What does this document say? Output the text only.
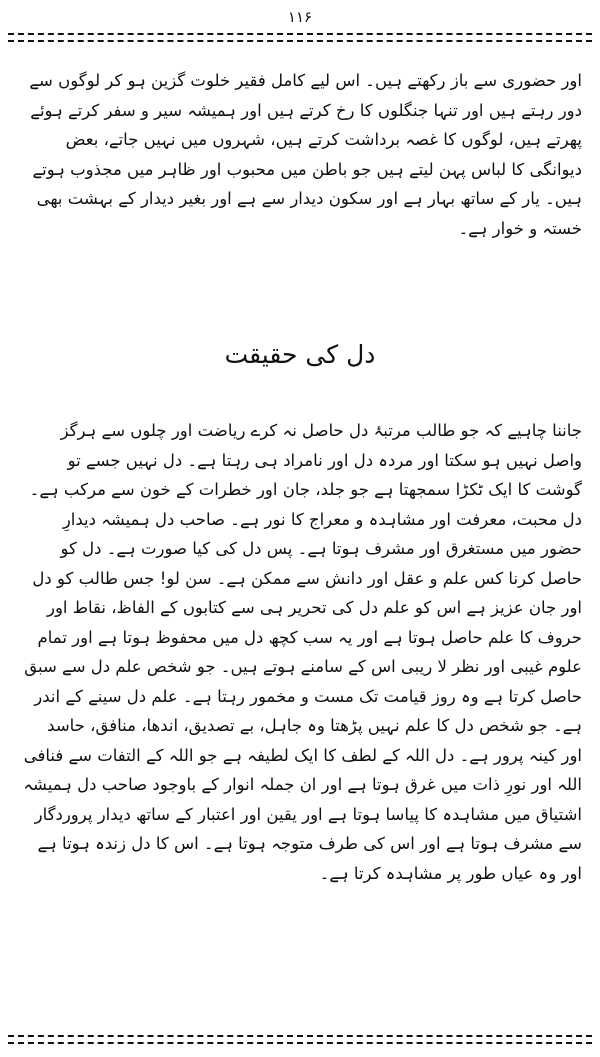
۱۱۶

اور حضوری سے باز رکھتے ہیں۔ اس لیے کامل فقیر خلوت گزین ہو کر لوگوں سے دور رہتے ہیں اور تنہا جنگلوں کا رخ کرتے ہیں اور ہمیشہ سیر و سفر کرتے ہوئے پھرتے ہیں، لوگوں کا غصہ برداشت کرتے ہیں، شہروں میں نہیں جاتے، بعض دیوانگی کا لباس پہن لیتے ہیں جو باطن میں محبوب اور ظاہر میں مجذوب ہوتے ہیں۔ یار کے ساتھ بہار ہے اور سکون دیدار سے ہے اور بغیر دیدار کے بہشت بھی خستہ و خوار ہے۔

دل کی حقیقت

جاننا چاہیے کہ جو طالب مرتبۂ دل حاصل نہ کرے ریاضت اور چلوں سے ہرگز واصل نہیں ہو سکتا اور مردہ دل اور نامراد ہی رہتا ہے۔ دل نہیں جسے تو گوشت کا ایک ٹکڑا سمجھتا ہے جو جلد، جان اور خطرات کے خون سے مرکب ہے۔ دل محبت، معرفت اور مشاہدہ و معراج کا نور ہے۔ صاحب دل ہمیشہ دیدارِ حضور میں مستغرق اور مشرف ہوتا ہے۔ پس دل کی کیا صورت ہے۔ دل کو حاصل کرنا کس علم و عقل اور دانش سے ممکن ہے۔ سن لو! جس طالب کو دل اور جان عزیز ہے اس کو علم دل کی تحریر ہی سے کتابوں کے الفاظ، نقاط اور حروف کا علم حاصل ہوتا ہے اور یہ سب کچھ دل میں محفوظ ہوتا ہے اور تمام علوم غیبی اور نظر لا ریبی اس کے سامنے ہوتے ہیں۔ جو شخص علم دل سے سبق حاصل کرتا ہے وہ روز قیامت تک مست و مخمور رہتا ہے۔ علم دل سینے کے اندر ہے۔ جو شخص دل کا علم نہیں پڑھتا وہ جاہل، بے تصدیق، اندھا، منافق، حاسد اور کینہ پرور ہے۔ دل اللہ کے لطف کا ایک لطیفہ ہے جو اللہ کے التفات سے فنافی اللہ اور نورِ ذات میں غرق ہوتا ہے اور ان جملہ انوار کے باوجود صاحب دل ہمیشہ اشتیاق میں مشاہدہ کا پیاسا ہوتا ہے اور یقین اور اعتبار کے ساتھ دیدار پروردگار سے مشرف ہوتا ہے اور اس کی طرف متوجہ ہوتا ہے۔ اس کا دل زندہ ہوتا ہے اور وہ عیاں طور پر مشاہدہ کرتا ہے۔
